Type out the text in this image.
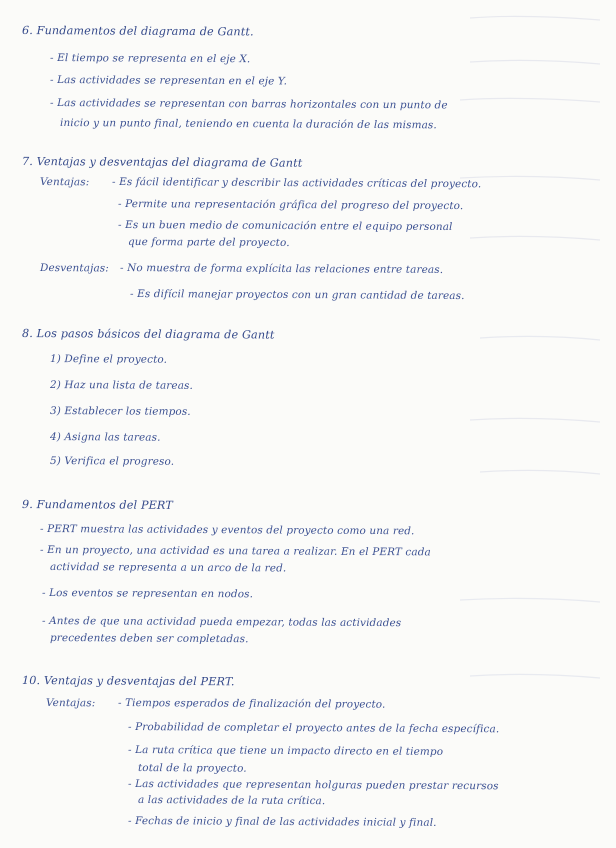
6. Fundamentos del diagrama de Gantt.
- El tiempo se representa en el eje X.
- Las actividades se representan en el eje Y.
- Las actividades se representan con barras horizontales con un punto de
inicio y un punto final, teniendo en cuenta la duración de las mismas.
7. Ventajas y desventajas del diagrama de Gantt
Ventajas: - Es fácil identificar y describir las actividades críticas del proyecto.
- Permite una representación gráfica del progreso del proyecto.
- Es un buen medio de comunicación entre el equipo personal
que forma parte del proyecto.
Desventajas: - No muestra de forma explícita las relaciones entre tareas.
- Es difícil manejar proyectos con un gran cantidad de tareas.
8. Los pasos básicos del diagrama de Gantt
1) Define el proyecto.
2) Haz una lista de tareas.
3) Establecer los tiempos.
4) Asigna las tareas.
5) Verifica el progreso.
9. Fundamentos del PERT
- PERT muestra las actividades y eventos del proyecto como una red.
- En un proyecto, una actividad es una tarea a realizar. En el PERT cada
actividad se representa a un arco de la red.
- Los eventos se representan en nodos.
- Antes de que una actividad pueda empezar, todas las actividades
precedentes deben ser completadas.
10. Ventajas y desventajas del PERT.
Ventajas: - Tiempos esperados de finalización del proyecto.
- Probabilidad de completar el proyecto antes de la fecha específica.
- La ruta crítica que tiene un impacto directo en el tiempo
total de la proyecto.
- Las actividades que representan holguras pueden prestar recursos
a las actividades de la ruta crítica.
- Fechas de inicio y final de las actividades inicial y final.
